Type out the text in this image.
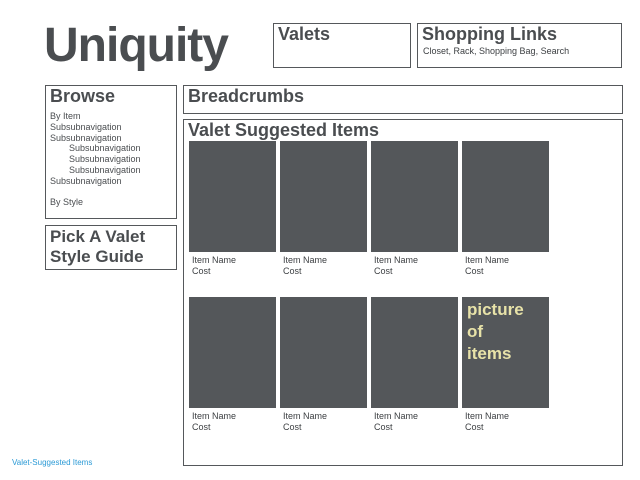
Uniquity	Valets	Shopping Links
Closet, Rack, Shopping Bag, Search
Browse
By Item
Subsubnavigation
Subsubnavigation
Subsubnavigation
Subsubnavigation
Subsubnavigation
Subsubnavigation
By Style
Pick A Valet
Style Guide
Breadcrumbs
Valet Suggested Items
Item Name
Cost
Item Name
Cost
Item Name
Cost
Item Name
Cost
Item Name
Cost
Item Name
Cost
Item Name
Cost
picture
of
items
Item Name
Cost
Valet-Suggested Items
